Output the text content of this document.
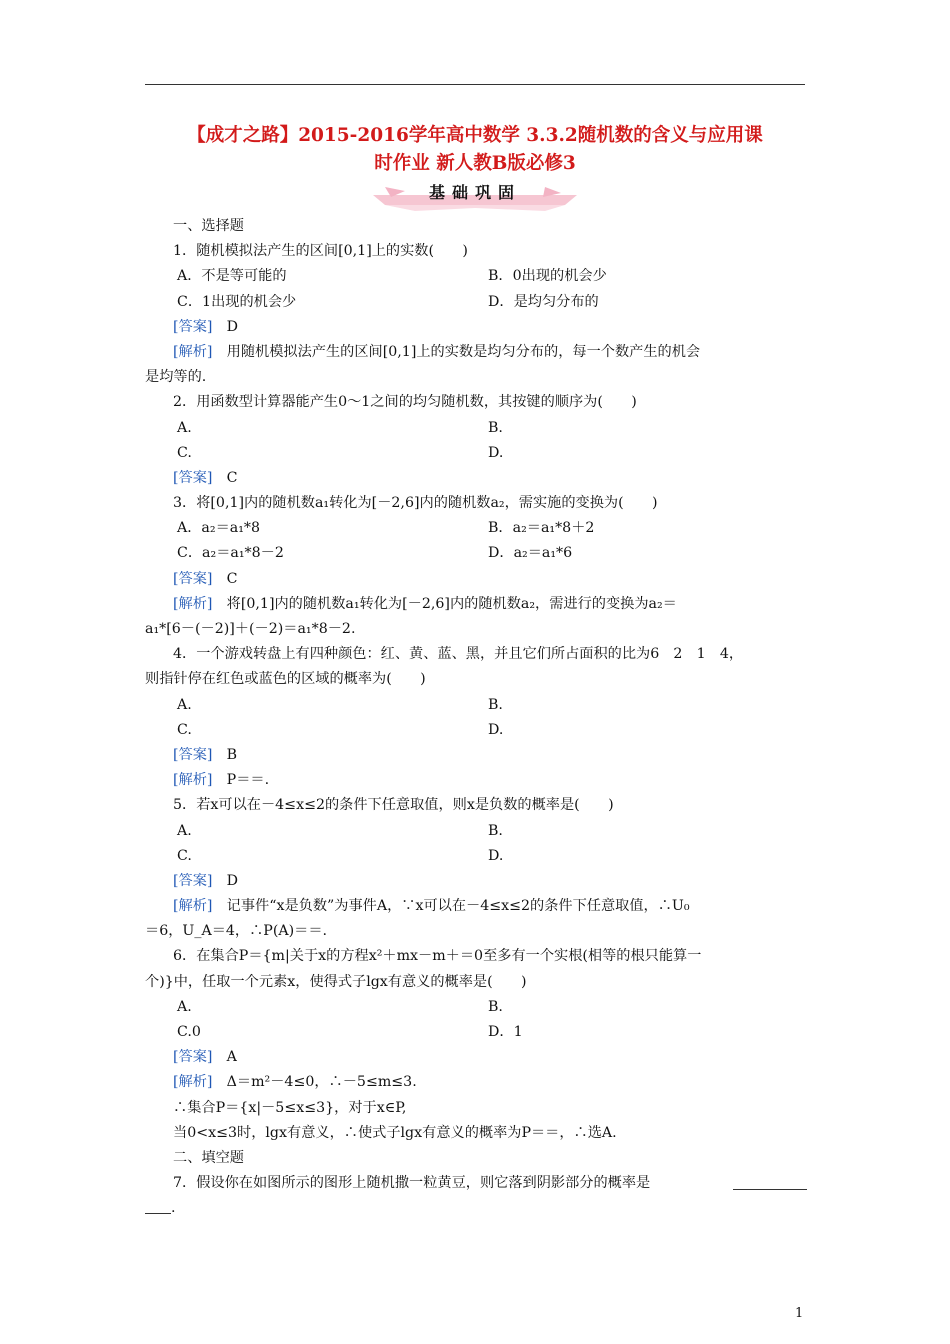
【成才之路】2015-2016学年高中数学 3.3.2随机数的含义与应用课
时作业 新人教B版必修3
基础巩固
一、选择题
1．随机模拟法产生的区间[0,1]上的实数(　　)
A．不是等可能的	B．0出现的机会少
C．1出现的机会少	D．是均匀分布的
[答案]　 D
[解析]　 用随机模拟法产生的区间[0,1]上的实数是均匀分布的，每一个数产生的机会
是均等的.
2．用函数型计算器能产生0～1之间的均匀随机数，其按键的顺序为(　　)
A.	B.
C.	D.
[答案]　 C
3．将[0,1]内的随机数a₁转化为[－2,6]内的随机数a₂，需实施的变换为(　　)
A．a₂＝a₁*8	B．a₂＝a₁*8＋2
C．a₂＝a₁*8－2	D．a₂＝a₁*6
[答案]　 C
[解析]　 将[0,1]内的随机数a₁转化为[－2,6]内的随机数a₂，需进行的变换为a₂＝
a₁*[6－(－2)]＋(－2)＝a₁*8－2.
4．一个游戏转盘上有四种颜色：红、黄、蓝、黑，并且它们所占面积的比为6　2　1　4，
则指针停在红色或蓝色的区域的概率为(　　)
A.	B.
C.	D.
[答案]　 B
[解析]　 P＝＝.
5．若x可以在－4≤x≤2的条件下任意取值，则x是负数的概率是(　　)
A.	B.
C.	D.
[答案]　 D
[解析]　 记事件“x是负数”为事件A，∵x可以在－4≤x≤2的条件下任意取值，∴U₀
＝6，U_A＝4，∴P(A)＝＝.
6．在集合P＝{m|关于x的方程x²＋mx－m＋＝0至多有一个实根(相等的根只能算一
个)}中，任取一个元素x，使得式子lgx有意义的概率是(　　)
A.	B.
C.0	D．1
[答案]　 A
[解析]　 Δ＝m²－4≤0，∴－5≤m≤3.
∴集合P＝{x|－5≤x≤3}，对于x∈P,
当0<x≤3时，lgx有意义，∴使式子lgx有意义的概率为P＝＝，∴选A.
二、填空题
7．假设你在如图所示的图形上随机撒一粒黄豆，则它落到阴影部分的概率是
.
1
